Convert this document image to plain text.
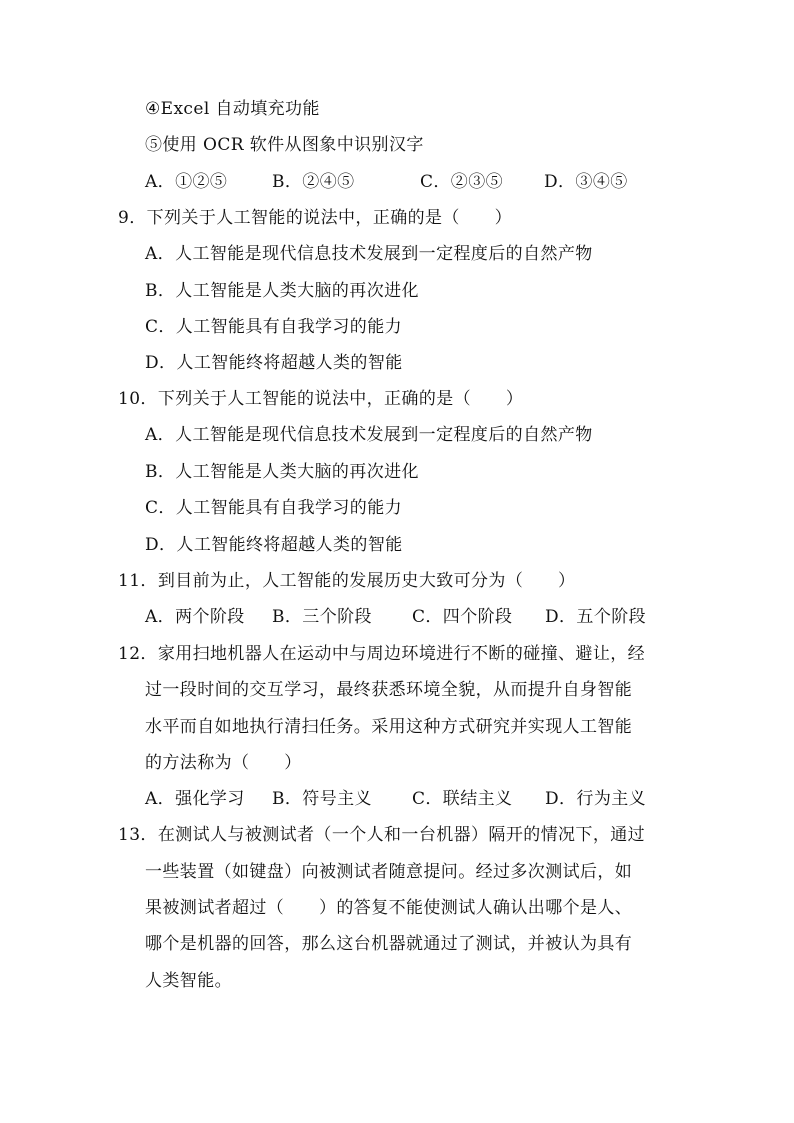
④Excel 自动填充功能
⑤使用 OCR 软件从图象中识别汉字
A．①②⑤	B．②④⑤	C．②③⑤	D．③④⑤
9．下列关于人工智能的说法中，正确的是（　　）
A．人工智能是现代信息技术发展到一定程度后的自然产物
B．人工智能是人类大脑的再次进化
C．人工智能具有自我学习的能力
D．人工智能终将超越人类的智能
10．下列关于人工智能的说法中，正确的是（　　）
A．人工智能是现代信息技术发展到一定程度后的自然产物
B．人工智能是人类大脑的再次进化
C．人工智能具有自我学习的能力
D．人工智能终将超越人类的智能
11．到目前为止，人工智能的发展历史大致可分为（　　）
A．两个阶段	B．三个阶段	C．四个阶段	D．五个阶段
12．家用扫地机器人在运动中与周边环境进行不断的碰撞、避让，经
过一段时间的交互学习，最终获悉环境全貌，从而提升自身智能
水平而自如地执行清扫任务。采用这种方式研究并实现人工智能
的方法称为（　　）
A．强化学习	B．符号主义	C．联结主义	D．行为主义
13．在测试人与被测试者（一个人和一台机器）隔开的情况下，通过
一些装置（如键盘）向被测试者随意提问。经过多次测试后，如
果被测试者超过（　　）的答复不能使测试人确认出哪个是人、
哪个是机器的回答，那么这台机器就通过了测试，并被认为具有
人类智能。
